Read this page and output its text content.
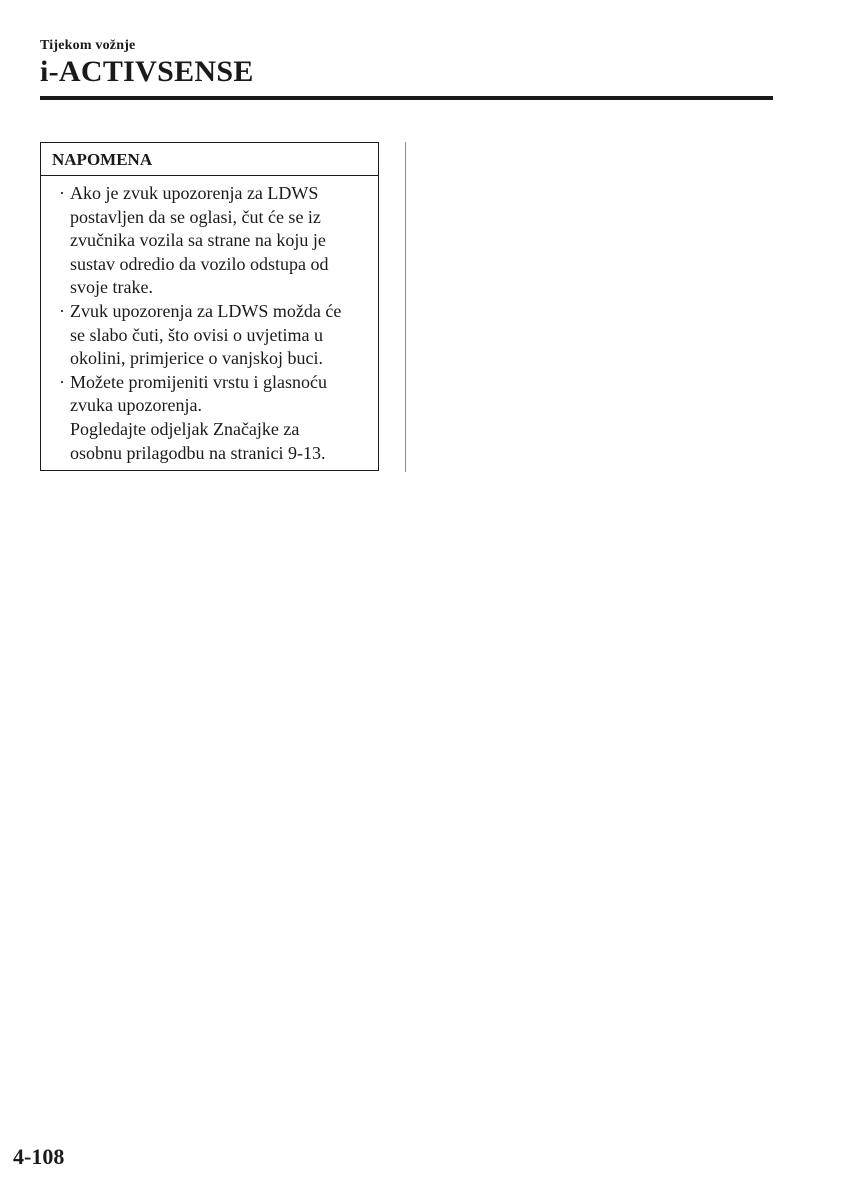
Tijekom vožnje
i-ACTIVSENSE
NAPOMENA
· Ako je zvuk upozorenja za LDWS
postavljen da se oglasi, čut će se iz
zvučnika vozila sa strane na koju je
sustav odredio da vozilo odstupa od
svoje trake.
· Zvuk upozorenja za LDWS možda će
se slabo čuti, što ovisi o uvjetima u
okolini, primjerice o vanjskoj buci.
· Možete promijeniti vrstu i glasnoću
zvuka upozorenja.
Pogledajte odjeljak Značajke za
osobnu prilagodbu na stranici 9-13.
4-108
